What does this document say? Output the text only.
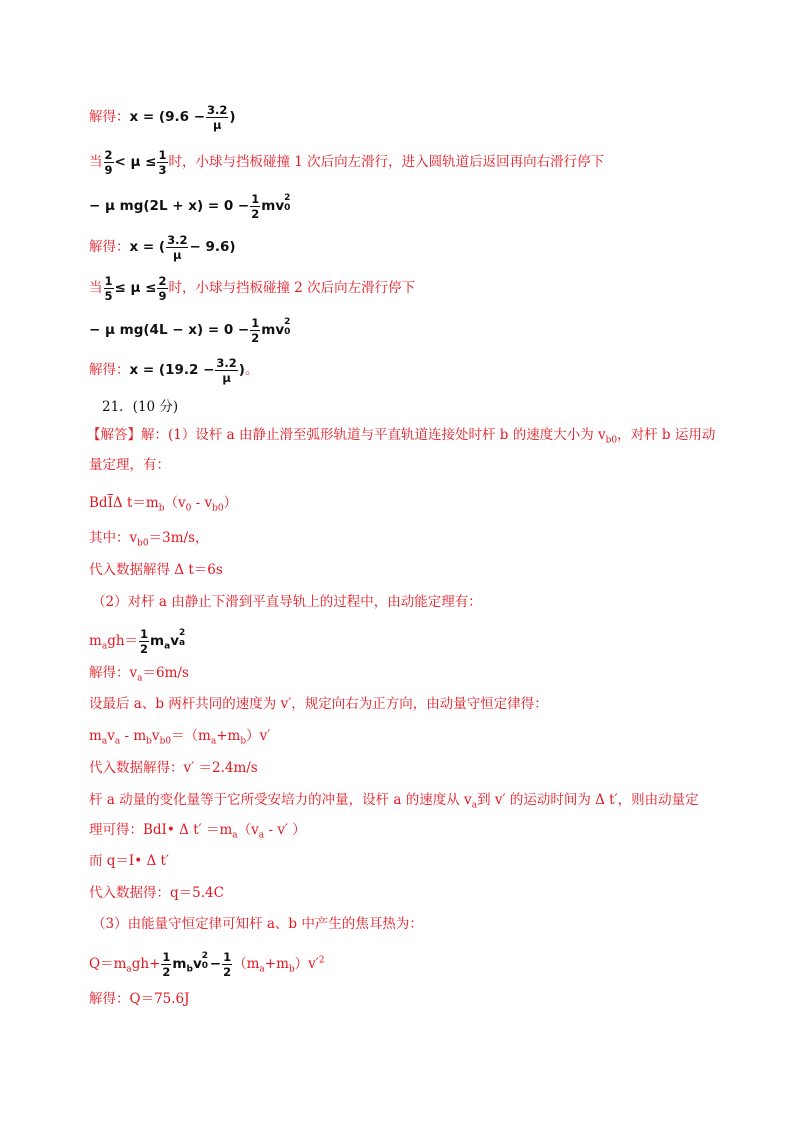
解得：$x = (9.6 - \frac{3.2}{\mu}$ )
当 $\frac{2}{9} < \mu \le \frac{1}{3}$ 时，小球与挡板碰撞 1 次后向左滑行，进入圆轨道后返回再向右滑行停下
− μ $mg(2L + x) = 0 - \frac{1}{2}$ mv 2
0

解得：x = ( $\frac{3.2}{\mu} - 9.6$)
当 $\frac{1}{5} \le \mu \le \frac{2}{9}$ 时，小球与挡板碰撞 2 次后向左滑行停下
− μ $mg(4L - x) = 0 - \frac{1}{2}$ mv 2
0

解得：$x = (19.2 - \frac{3.2}{\mu}$ )。
21．(10 分)
【解答】解：(1）设杆 a 由静止滑至弧形轨道与平直轨道连接处时杆 b 的速度大小为 $v_{b0}$，对杆 b 运用动
量定理，有：
$Bd\overline{I}\Delta$ $t=m_b(v_0 - v_{b0})$
其中：$v_{b0}=3m/s$，
代入数据解得 Δ t＝6s
（2）对杆 a 由静止下滑到平直导轨上的过程中，由动能定理有：
$m_agh= \frac{1}{2} m_av$ 2
a

解得：$v_a=6m/s$
设最后 a、b 两杆共同的速度为 v′，规定向右为正方向，由动量守恒定律得：
$m_av_a - m_bv_{b0}=(m_a+m_b)v'$
代入数据解得：v′ ＝2.4m/s
杆 a 动量的变化量等于它所受安培力的冲量，设杆 a 的速度从 $v_a$到 v′ 的运动时间为 Δ t′，则由动量定
理可得：BdI• Δ $t' =m_a(v_a - v'$ ）
而 q＝I• Δ t′
代入数据得：q＝5.4C
（3）由能量守恒定律可知杆 a、b 中产生的焦耳热为：
$Q=m_agh+ \frac{1}{2} m_bv$ 2
$0 - \frac{1}{2} (m_a+m_b)v'^2$
解得：Q＝75.6J
